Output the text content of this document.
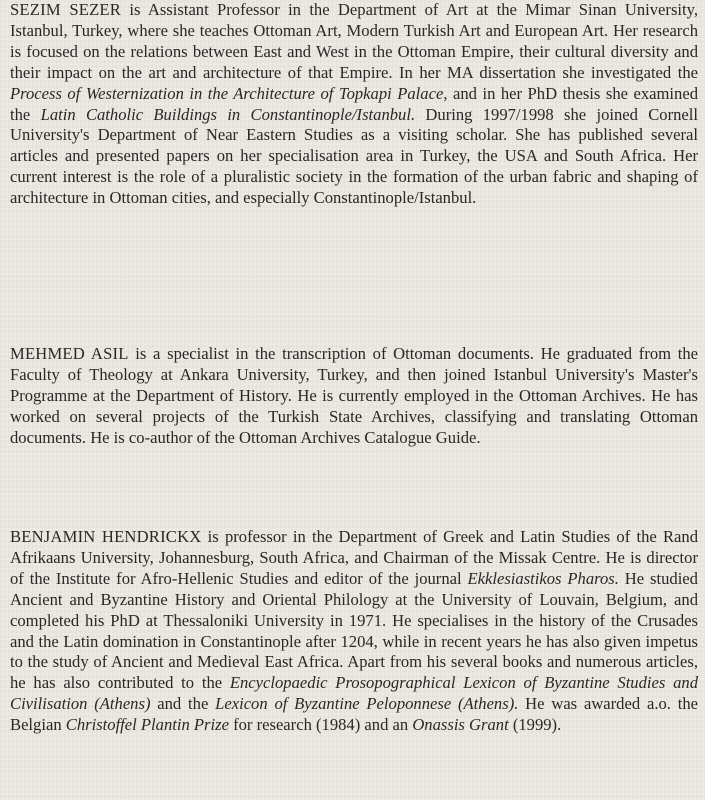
SEZIM SEZER is Assistant Professor in the Department of Art at the Mimar Sinan University, Istanbul, Turkey, where she teaches Ottoman Art, Modern Turkish Art and European Art. Her research is focused on the relations between East and West in the Ottoman Empire, their cultural diversity and their impact on the art and architecture of that Empire. In her MA dissertation she investigated the Process of Westernization in the Architecture of Topkapi Palace, and in her PhD thesis she examined the Latin Catholic Buildings in Constantinople/Istanbul. During 1997/1998 she joined Cornell University's Department of Near Eastern Studies as a visiting scholar. She has published several articles and presented papers on her specialisation area in Turkey, the USA and South Africa. Her current interest is the role of a pluralistic society in the formation of the urban fabric and shaping of architecture in Ottoman cities, and especially Constantinople/Istanbul.

MEHMED ASIL is a specialist in the transcription of Ottoman documents. He graduated from the Faculty of Theology at Ankara University, Turkey, and then joined Istanbul University's Master's Programme at the Department of History. He is currently employed in the Ottoman Archives. He has worked on several projects of the Turkish State Archives, classifying and translating Ottoman documents. He is co-author of the Ottoman Archives Catalogue Guide.

BENJAMIN HENDRICKX is professor in the Department of Greek and Latin Studies of the Rand Afrikaans University, Johannesburg, South Africa, and Chairman of the Missak Centre. He is director of the Institute for Afro-Hellenic Studies and editor of the journal Ekklesiastikos Pharos. He studied Ancient and Byzantine History and Oriental Philology at the University of Louvain, Belgium, and completed his PhD at Thessaloniki University in 1971. He specialises in the history of the Crusades and the Latin domination in Constantinople after 1204, while in recent years he has also given impetus to the study of Ancient and Medieval East Africa. Apart from his several books and numerous articles, he has also contributed to the Encyclopaedic Prosopographical Lexicon of Byzantine Studies and Civilisation (Athens) and the Lexicon of Byzantine Peloponnese (Athens). He was awarded a.o. the Belgian Christoffel Plantin Prize for research (1984) and an Onassis Grant (1999).
